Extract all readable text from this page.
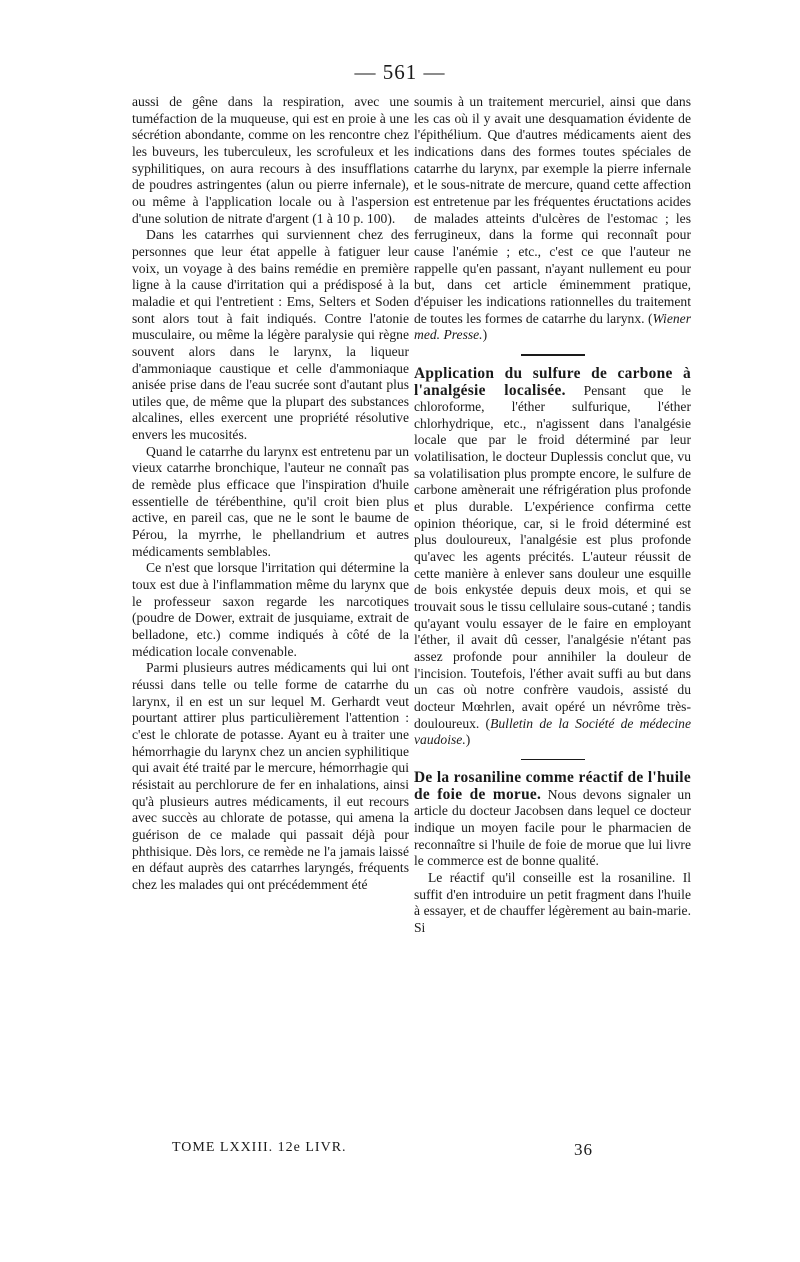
— 561 —

aussi de gêne dans la respiration, avec une tuméfaction de la muqueuse, qui est en proie à une sécrétion abondante, comme on les rencontre chez les buveurs, les tuberculeux, les scrofuleux et les syphilitiques, on aura recours à des insufflations de poudres astringentes (alun ou pierre infernale), ou même à l'application locale ou à l'aspersion d'une solution de nitrate d'argent (1 à 10 p. 100).

Dans les catarrhes qui surviennent chez des personnes que leur état appelle à fatiguer leur voix, un voyage à des bains remédie en première ligne à la cause d'irritation qui a prédisposé à la maladie et qui l'entretient : Ems, Selters et Soden sont alors tout à fait indiqués. Contre l'atonie musculaire, ou même la légère paralysie qui règne souvent alors dans le larynx, la liqueur d'ammoniaque caustique et celle d'ammoniaque anisée prise dans de l'eau sucrée sont d'autant plus utiles que, de même que la plupart des substances alcalines, elles exercent une propriété résolutive envers les mucosités.

Quand le catarrhe du larynx est entretenu par un vieux catarrhe bronchique, l'auteur ne connaît pas de remède plus efficace que l'inspiration d'huile essentielle de térébenthine, qu'il croit bien plus active, en pareil cas, que ne le sont le baume de Pérou, la myrrhe, le phellandrium et autres médicaments semblables.

Ce n'est que lorsque l'irritation qui détermine la toux est due à l'inflammation même du larynx que le professeur saxon regarde les narcotiques (poudre de Dower, extrait de jusquiame, extrait de belladone, etc.) comme indiqués à côté de la médication locale convenable.

Parmi plusieurs autres médicaments qui lui ont réussi dans telle ou telle forme de catarrhe du larynx, il en est un sur lequel M. Gerhardt veut pourtant attirer plus particulièrement l'attention : c'est le chlorate de potasse. Ayant eu à traiter une hémorrhagie du larynx chez un ancien syphilitique qui avait été traité par le mercure, hémorrhagie qui résistait au perchlorure de fer en inhalations, ainsi qu'à plusieurs autres médicaments, il eut recours avec succès au chlorate de potasse, qui amena la guérison de ce malade qui passait déjà pour phthisique. Dès lors, ce remède ne l'a jamais laissé en défaut auprès des catarrhes laryngés, fréquents chez les malades qui ont précédemment été

soumis à un traitement mercuriel, ainsi que dans les cas où il y avait une desquamation évidente de l'épithélium. Que d'autres médicaments aient des indications dans des formes toutes spéciales de catarrhe du larynx, par exemple la pierre infernale et le sous-nitrate de mercure, quand cette affection est entretenue par les fréquentes éructations acides de malades atteints d'ulcères de l'estomac ; les ferrugineux, dans la forme qui reconnaît pour cause l'anémie ; etc., c'est ce que l'auteur ne rappelle qu'en passant, n'ayant nullement eu pour but, dans cet article éminemment pratique, d'épuiser les indications rationnelles du traitement de toutes les formes de catarrhe du larynx. (Wiener med. Presse.)

Application du sulfure de carbone à l'analgésie localisée. Pensant que le chloroforme, l'éther sulfurique, l'éther chlorhydrique, etc., n'agissent dans l'analgésie locale que par le froid déterminé par leur volatilisation, le docteur Duplessis conclut que, vu sa volatilisation plus prompte encore, le sulfure de carbone amènerait une réfrigération plus profonde et plus durable. L'expérience confirma cette opinion théorique, car, si le froid déterminé est plus douloureux, l'analgésie est plus profonde qu'avec les agents précités. L'auteur réussit de cette manière à enlever sans douleur une esquille de bois enkystée depuis deux mois, et qui se trouvait sous le tissu cellulaire sous-cutané ; tandis qu'ayant voulu essayer de le faire en employant l'éther, il avait dû cesser, l'analgésie n'étant pas assez profonde pour annihiler la douleur de l'incision. Toutefois, l'éther avait suffi au but dans un cas où notre confrère vaudois, assisté du docteur Mœhrlen, avait opéré un névrôme très-douloureux. (Bulletin de la Société de médecine vaudoise.)

De la rosaniline comme réactif de l'huile de foie de morue. Nous devons signaler un article du docteur Jacobsen dans lequel ce docteur indique un moyen facile pour le pharmacien de reconnaître si l'huile de foie de morue que lui livre le commerce est de bonne qualité.

Le réactif qu'il conseille est la rosaniline. Il suffit d'en introduire un petit fragment dans l'huile à essayer, et de chauffer légèrement au bain-marie. Si

TOME LXXIII. 12e LIVR.	36
